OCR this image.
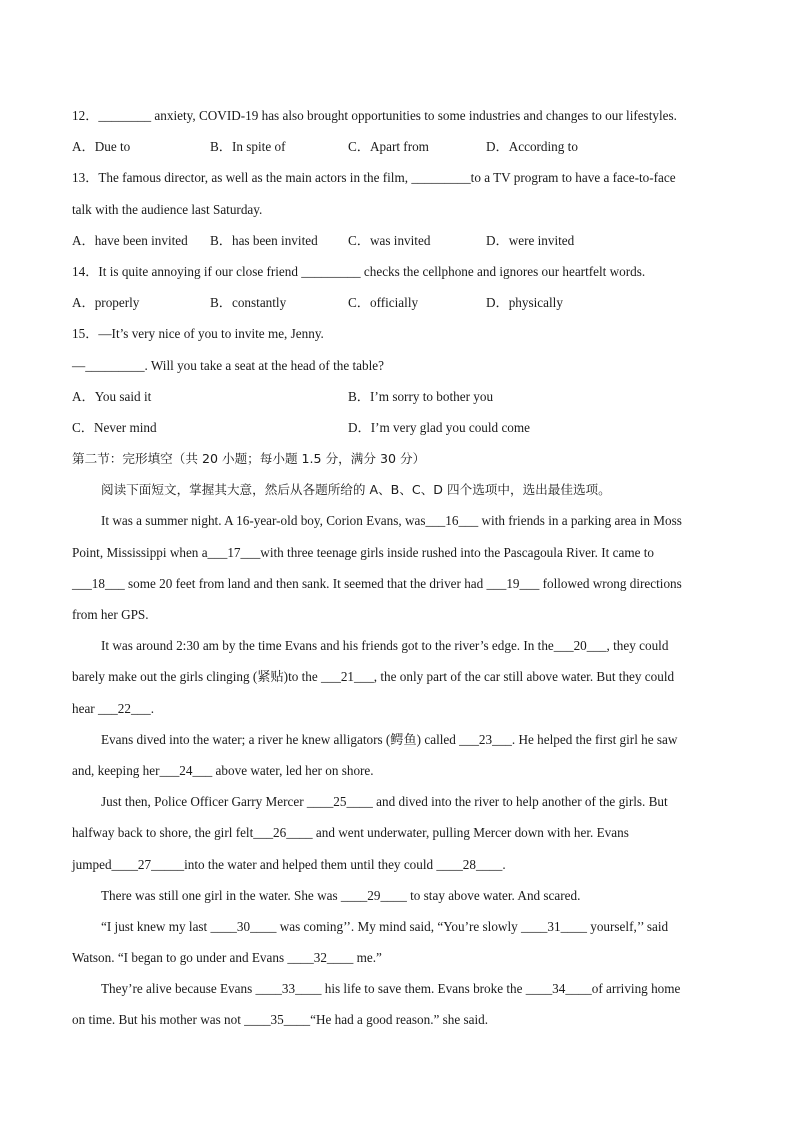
12．________ anxiety, COVID-19 has also brought opportunities to some industries and changes to our lifestyles.
A．Due to	B．In spite of	C．Apart from	D．According to
13．The famous director, as well as the main actors in the film, _________to a TV program to have a face-to-face
talk with the audience last Saturday.
A．have been invited	B．has been invited	C．was invited	D．were invited
14．It is quite annoying if our close friend _________ checks the cellphone and ignores our heartfelt words.
A．properly	B．constantly	C．officially	D．physically
15．—It’s very nice of you to invite me, Jenny.
—_________. Will you take a seat at the head of the table?
A．You said it	B．I’m sorry to bother you
C．Never mind	D．I’m very glad you could come
第二节：完形填空（共 20 小题；每小题 1.5 分，满分 30 分）
阅读下面短文，掌握其大意，然后从各题所给的 A、B、C、D 四个选项中，选出最佳选项。
It was a summer night. A 16-year-old boy, Corion Evans, was___16___ with friends in a parking area in Moss
Point, Mississippi when a___17___with three teenage girls inside rushed into the Pascagoula River. It came to
___18___ some 20 feet from land and then sank. It seemed that the driver had ___19___ followed wrong directions
from her GPS.
It was around 2:30 am by the time Evans and his friends got to the river’s edge. In the___20___, they could
barely make out the girls clinging (紧贴)to the ___21___, the only part of the car still above water. But they could
hear ___22___.
Evans dived into the water; a river he knew alligators (鳄鱼) called ___23___. He helped the first girl he saw
and, keeping her___24___ above water, led her on shore.
Just then, Police Officer Garry Mercer ____25____ and dived into the river to help another of the girls. But
halfway back to shore, the girl felt___26____ and went underwater, pulling Mercer down with her. Evans
jumped____27_____into the water and helped them until they could ____28____.
There was still one girl in the water. She was ____29____ to stay above water. And scared.
“I just knew my last ____30____ was coming’’. My mind said, “You’re slowly ____31____ yourself,’’ said
Watson. “I began to go under and Evans ____32____ me.”
They’re alive because Evans ____33____ his life to save them. Evans broke the ____34____of arriving home
on time. But his mother was not ____35____“He had a good reason.” she said.
